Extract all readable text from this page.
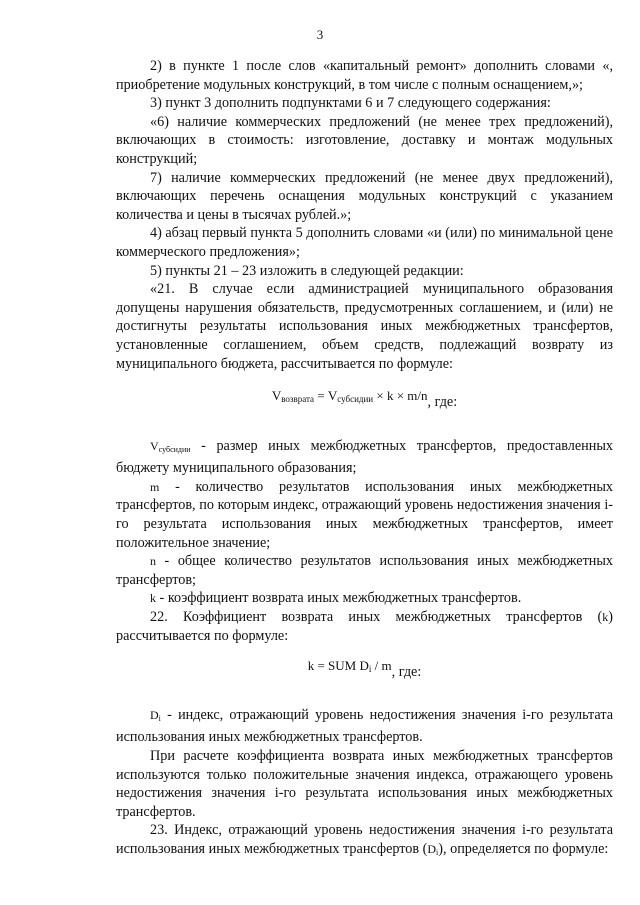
3

2) в пункте 1 после слов «капитальный ремонт» дополнить словами «, приобретение модульных конструкций, в том числе с полным оснащением,»;

3) пункт 3 дополнить подпунктами 6 и 7 следующего содержания:

«6) наличие коммерческих предложений (не менее трех предложений), включающих в стоимость: изготовление, доставку и монтаж модульных конструкций;

7) наличие коммерческих предложений (не менее двух предложений), включающих перечень оснащения модульных конструкций с указанием количества и цены в тысячах рублей.»;

4) абзац первый пункта 5 дополнить словами «и (или) по минимальной цене коммерческого предложения»;

5) пункты 21 – 23 изложить в следующей редакции:

«21. В случае если администрацией муниципального образования допущены нарушения обязательств, предусмотренных соглашением, и (или) не достигнуты результаты использования иных межбюджетных трансфертов, установленные соглашением, объем средств, подлежащий возврату из муниципального бюджета, рассчитывается по формуле:

$V_{возврата} = V_{субсидии} \times k \times m/n$, где:

$V_{субсидии}$ - размер иных межбюджетных трансфертов, предоставленных бюджету муниципального образования;

m - количество результатов использования иных межбюджетных трансфертов, по которым индекс, отражающий уровень недостижения значения i-го результата использования иных межбюджетных трансфертов, имеет положительное значение;

n - общее количество результатов использования иных межбюджетных трансфертов;

k - коэффициент возврата иных межбюджетных трансфертов.

22. Коэффициент возврата иных межбюджетных трансфертов (k) рассчитывается по формуле:

k = SUM $D_i$ / m, где:

$D_i$ - индекс, отражающий уровень недостижения значения i-го результата использования иных межбюджетных трансфертов.

При расчете коэффициента возврата иных межбюджетных трансфертов используются только положительные значения индекса, отражающего уровень недостижения значения i-го результата использования иных межбюджетных трансфертов.

23. Индекс, отражающий уровень недостижения значения i-го результата использования иных межбюджетных трансфертов $(D_i)$, определяется по формуле:
